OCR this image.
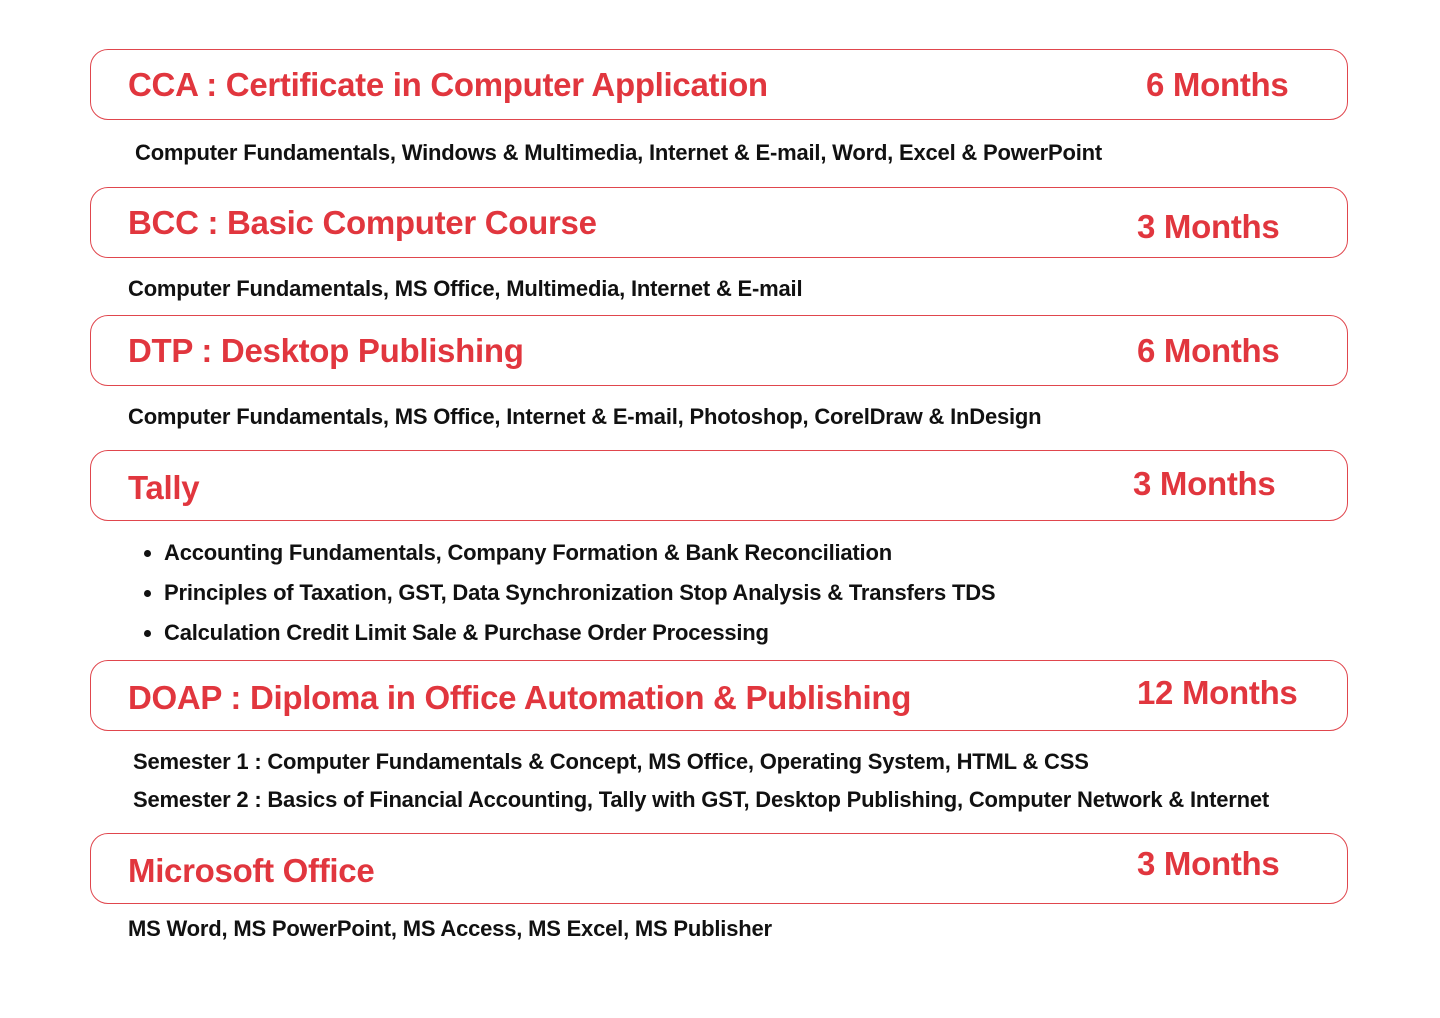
CCA : Certificate in Computer Application	6 Months
Computer Fundamentals, Windows & Multimedia, Internet & E-mail, Word, Excel & PowerPoint
BCC : Basic Computer Course	3 Months
Computer Fundamentals, MS Office, Multimedia, Internet & E-mail
DTP : Desktop Publishing	6 Months
Computer Fundamentals, MS Office, Internet & E-mail, Photoshop, CorelDraw & InDesign
Tally	3 Months
• Accounting Fundamentals, Company Formation & Bank Reconciliation
• Principles of Taxation, GST, Data Synchronization Stop Analysis & Transfers TDS
• Calculation Credit Limit Sale & Purchase Order Processing
DOAP : Diploma in Office Automation & Publishing	12 Months
Semester 1 : Computer Fundamentals & Concept, MS Office, Operating System, HTML & CSS
Semester 2 : Basics of Financial Accounting, Tally with GST, Desktop Publishing, Computer Network & Internet
Microsoft Office	3 Months
MS Word, MS PowerPoint, MS Access, MS Excel, MS Publisher
